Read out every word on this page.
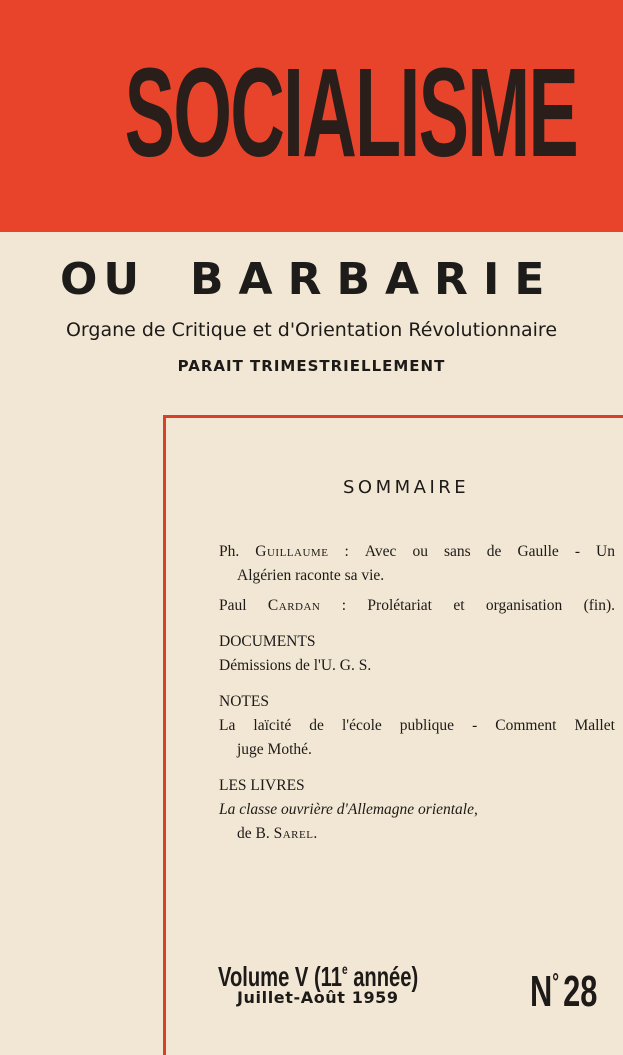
SOCIALISME
OU BARBARIE
Organe de Critique et d'Orientation Révolutionnaire
PARAIT TRIMESTRIELLEMENT
SOMMAIRE
Ph. Guillaume : Avec ou sans de Gaulle - Un
Algérien raconte sa vie.
Paul Cardan : Prolétariat et organisation (fin).
DOCUMENTS
Démissions de l'U. G. S.
NOTES
La laïcité de l'école publique - Comment Mallet
juge Mothé.
LES LIVRES
La classe ouvrière d'Allemagne orientale,
de B. Sarel.
Volume V (11e année)
Juillet-Août 1959	N°28
